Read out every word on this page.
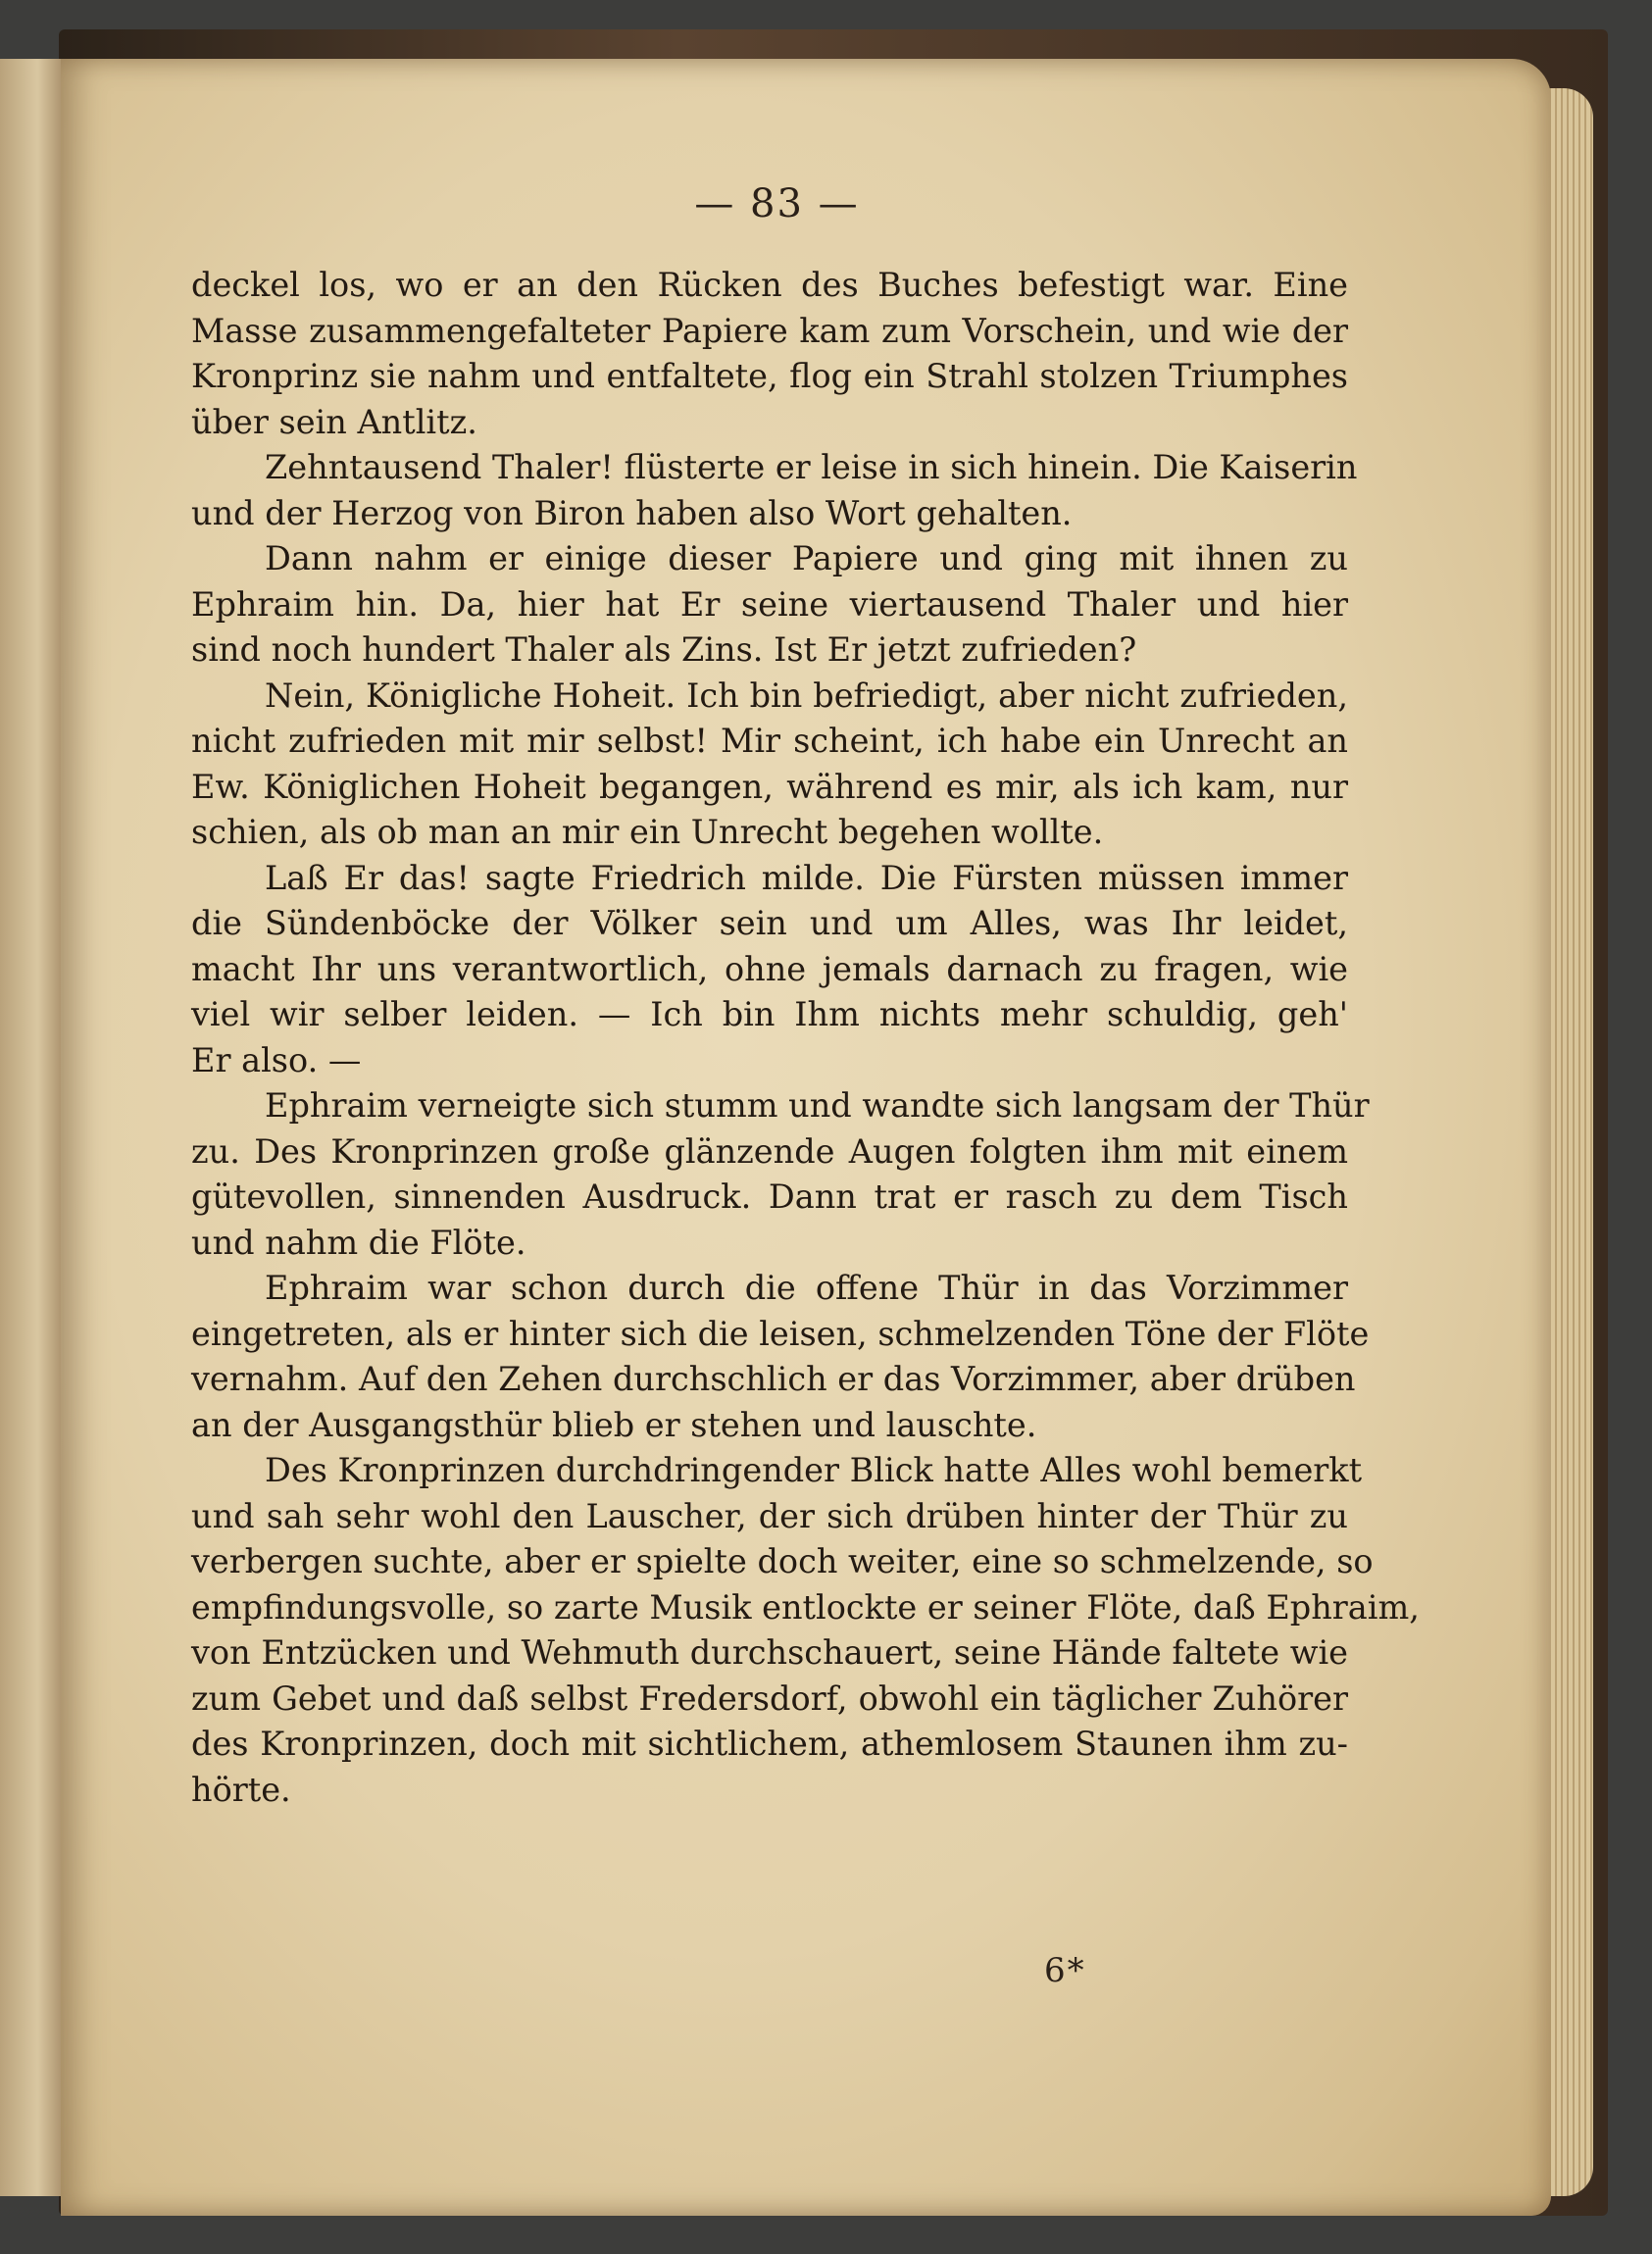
— 83 —
deckel los, wo er an den Rücken des Buches befestigt war. Eine
Masse zusammengefalteter Papiere kam zum Vorschein, und wie der
Kronprinz sie nahm und entfaltete, flog ein Strahl stolzen Triumphes
über sein Antlitz.
Zehntausend Thaler! flüsterte er leise in sich hinein. Die Kaiserin
und der Herzog von Biron haben also Wort gehalten.
Dann nahm er einige dieser Papiere und ging mit ihnen zu
Ephraim hin. Da, hier hat Er seine viertausend Thaler und hier
sind noch hundert Thaler als Zins. Ist Er jetzt zufrieden?
Nein, Königliche Hoheit. Ich bin befriedigt, aber nicht zufrieden,
nicht zufrieden mit mir selbst! Mir scheint, ich habe ein Unrecht an
Ew. Königlichen Hoheit begangen, während es mir, als ich kam, nur
schien, als ob man an mir ein Unrecht begehen wollte.
Laß Er das! sagte Friedrich milde. Die Fürsten müssen immer
die Sündenböcke der Völker sein und um Alles, was Ihr leidet,
macht Ihr uns verantwortlich, ohne jemals darnach zu fragen, wie
viel wir selber leiden. — Ich bin Ihm nichts mehr schuldig, geh'
Er also. —
Ephraim verneigte sich stumm und wandte sich langsam der Thür
zu. Des Kronprinzen große glänzende Augen folgten ihm mit einem
gütevollen, sinnenden Ausdruck. Dann trat er rasch zu dem Tisch
und nahm die Flöte.
Ephraim war schon durch die offene Thür in das Vorzimmer
eingetreten, als er hinter sich die leisen, schmelzenden Töne der Flöte
vernahm. Auf den Zehen durchschlich er das Vorzimmer, aber drüben
an der Ausgangsthür blieb er stehen und lauschte.
Des Kronprinzen durchdringender Blick hatte Alles wohl bemerkt
und sah sehr wohl den Lauscher, der sich drüben hinter der Thür zu
verbergen suchte, aber er spielte doch weiter, eine so schmelzende, so
empfindungsvolle, so zarte Musik entlockte er seiner Flöte, daß Ephraim,
von Entzücken und Wehmuth durchschauert, seine Hände faltete wie
zum Gebet und daß selbst Fredersdorf, obwohl ein täglicher Zuhörer
des Kronprinzen, doch mit sichtlichem, athemlosem Staunen ihm zu-
hörte.
6*
